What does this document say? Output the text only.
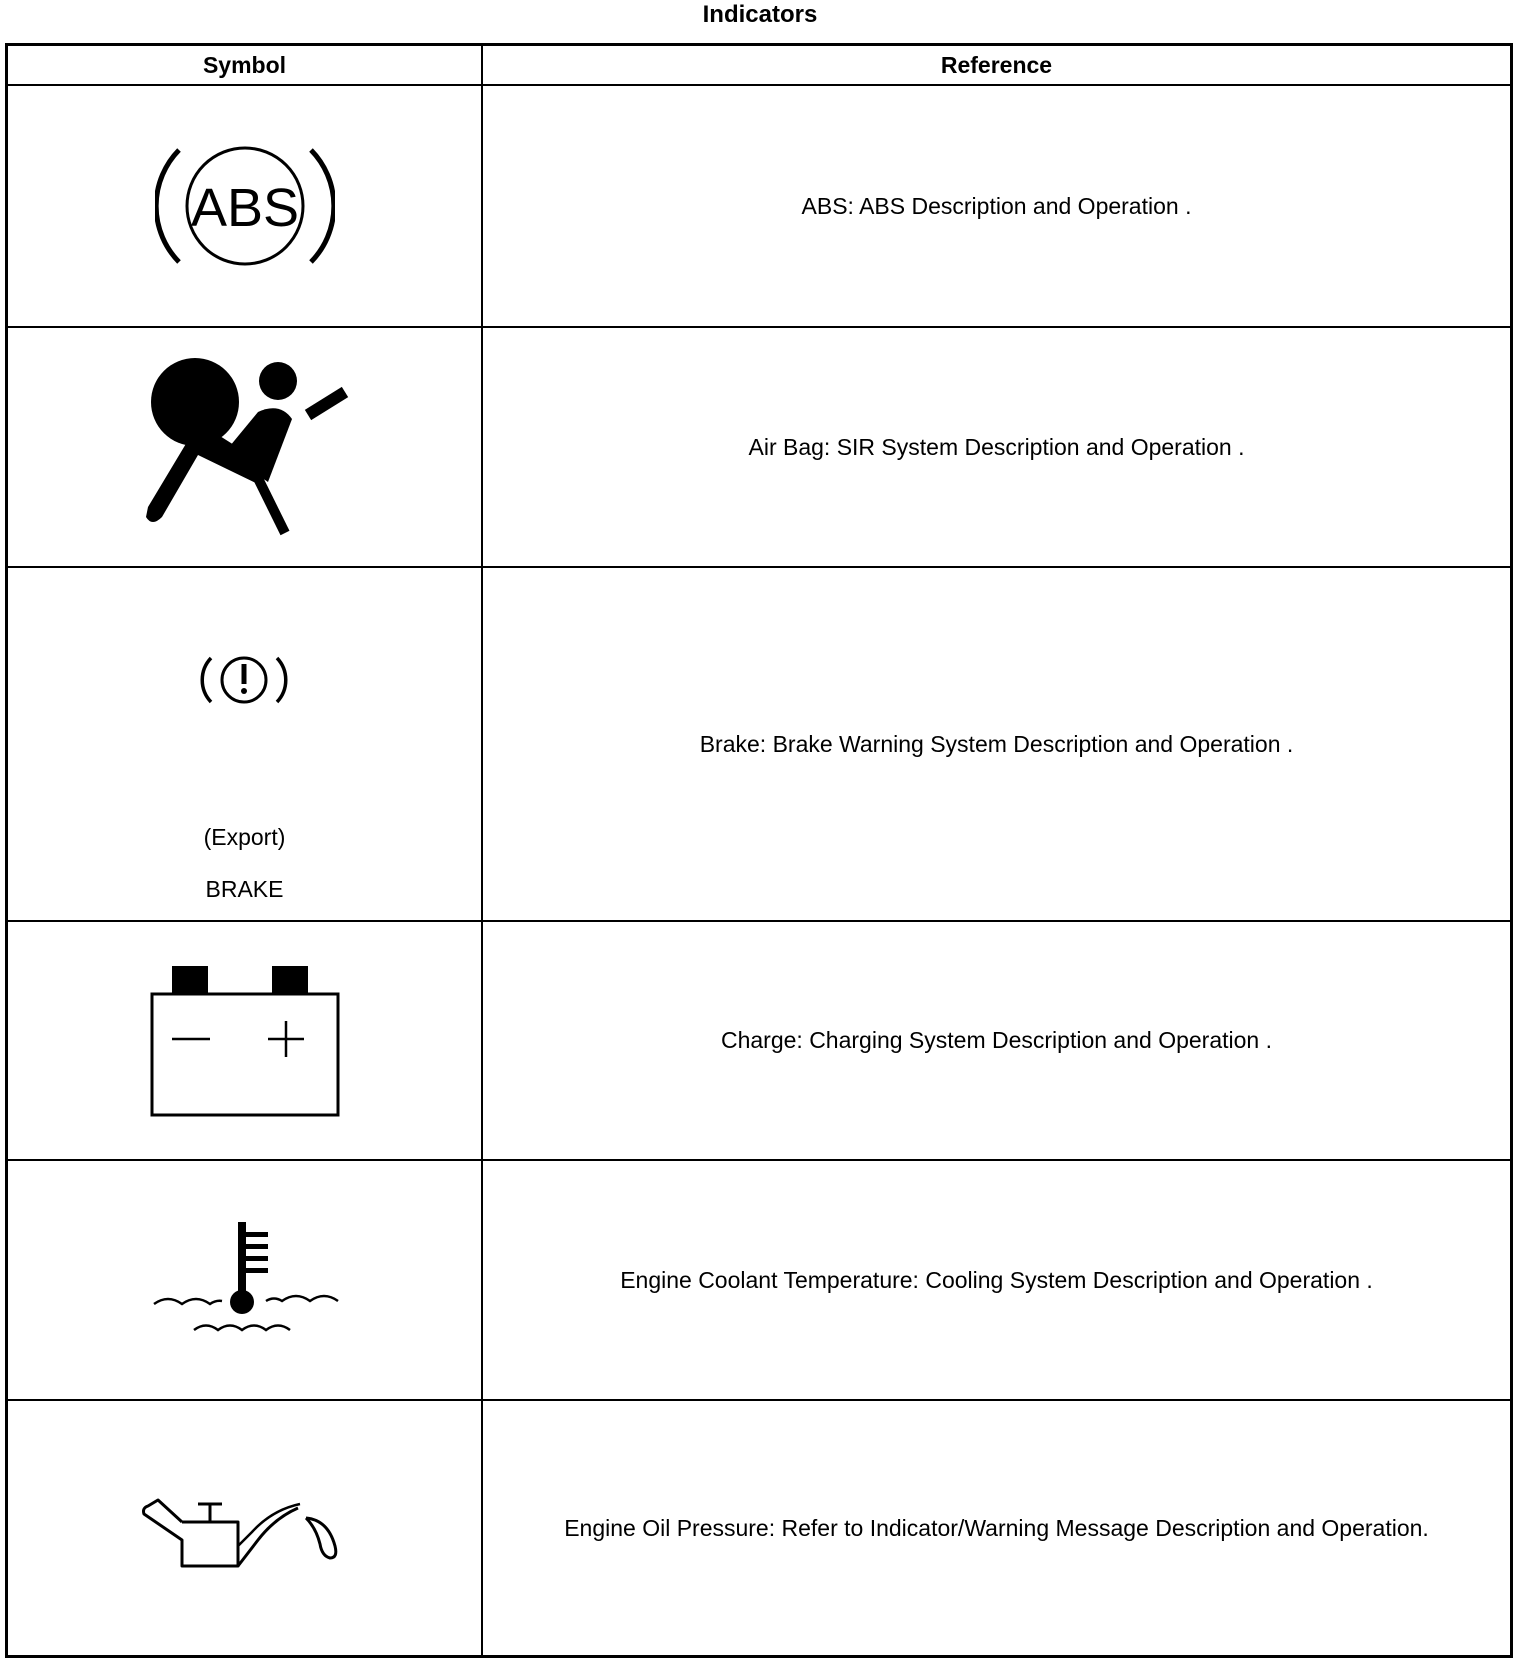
Indicators
Symbol	Reference
ABS	ABS: ABS Description and Operation .
Air Bag: SIR System Description and Operation .
(Export)
BRAKE
Brake: Brake Warning System Description and Operation .
Charge: Charging System Description and Operation .
Engine Coolant Temperature: Cooling System Description and Operation .
Engine Oil Pressure: Refer to Indicator/Warning Message Description and Operation.
